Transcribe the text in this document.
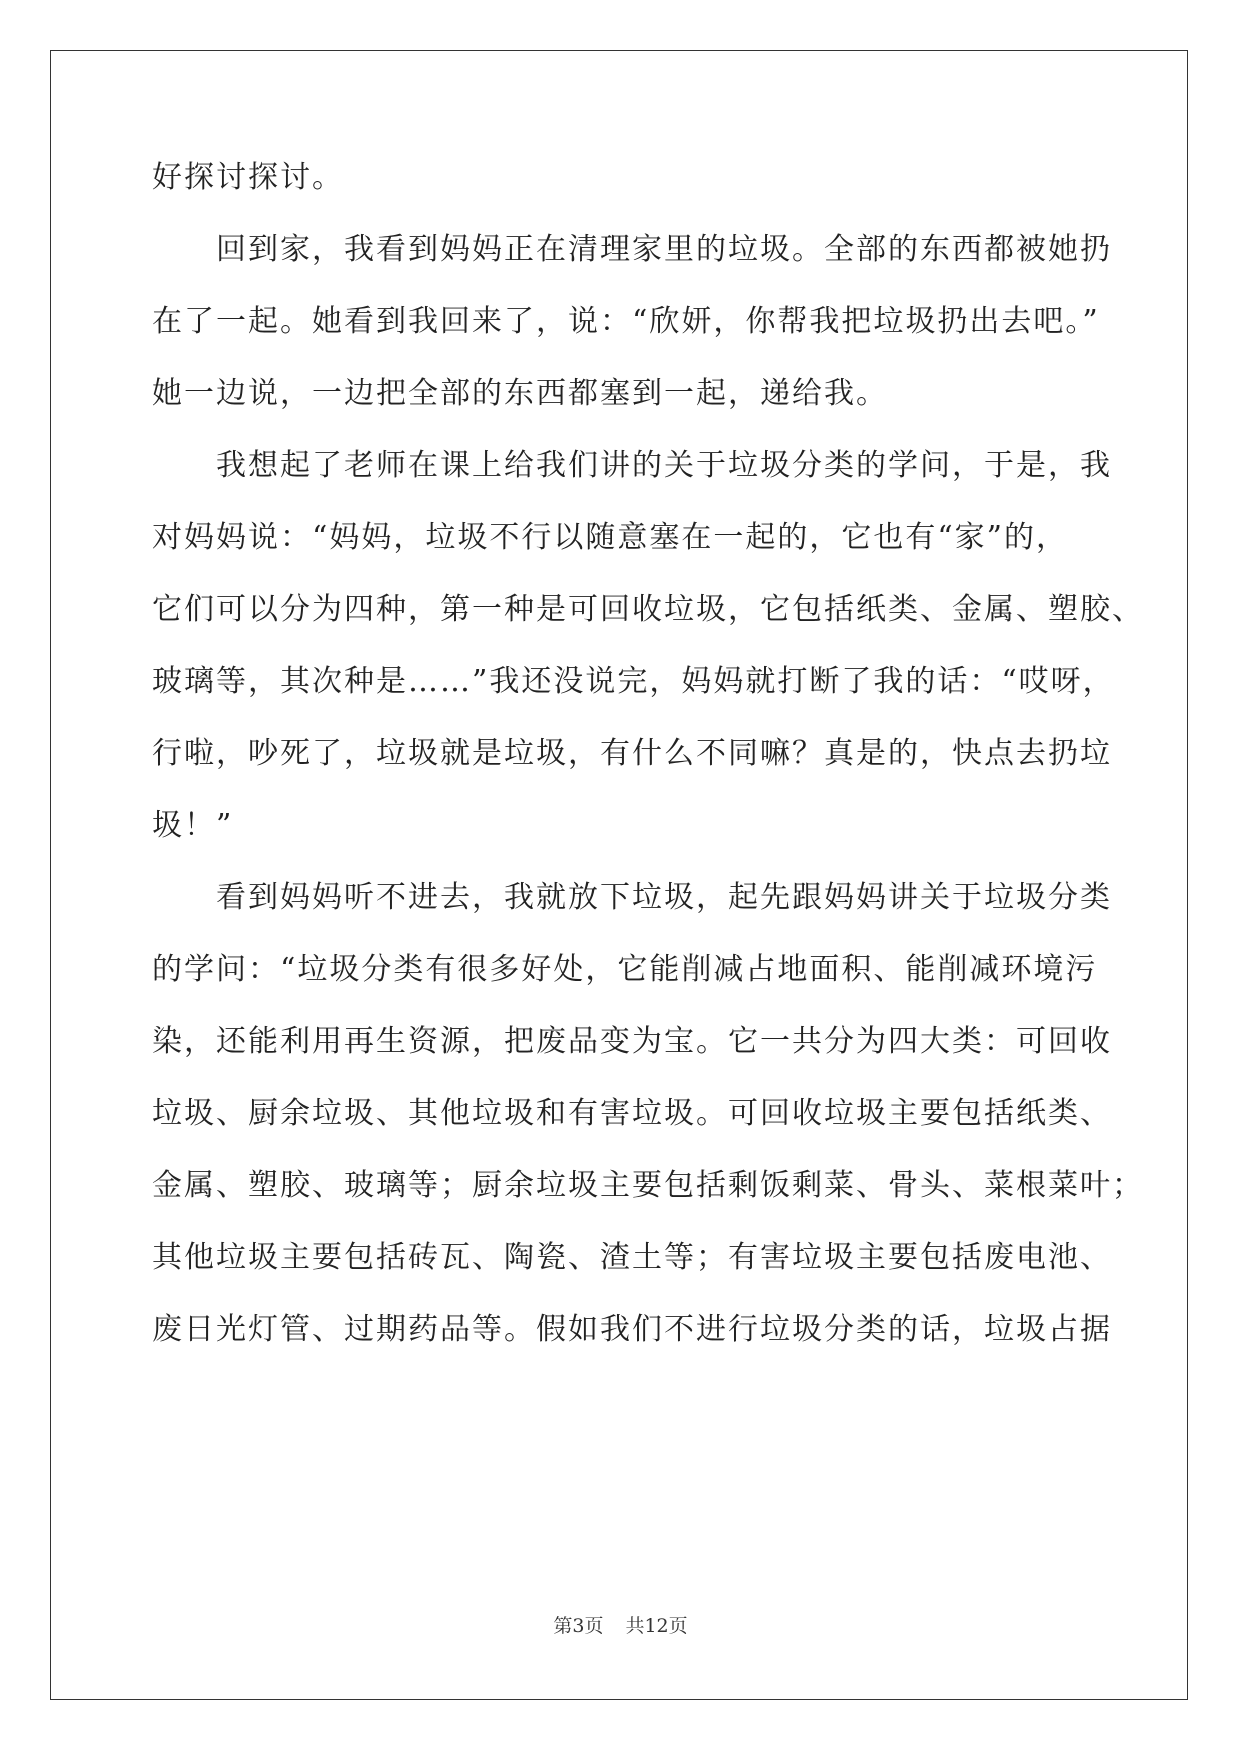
好探讨探讨。
回到家，我看到妈妈正在清理家里的垃圾。全部的东西都被她扔
在了一起。她看到我回来了，说：“欣妍，你帮我把垃圾扔出去吧。”
她一边说，一边把全部的东西都塞到一起，递给我。
我想起了老师在课上给我们讲的关于垃圾分类的学问，于是，我
对妈妈说：“妈妈，垃圾不行以随意塞在一起的，它也有“家”的，
它们可以分为四种，第一种是可回收垃圾，它包括纸类、金属、塑胶、
玻璃等，其次种是……”我还没说完，妈妈就打断了我的话：“哎呀，
行啦，吵死了，垃圾就是垃圾，有什么不同嘛？真是的，快点去扔垃
圾！”
看到妈妈听不进去，我就放下垃圾，起先跟妈妈讲关于垃圾分类
的学问：“垃圾分类有很多好处，它能削减占地面积、能削减环境污
染，还能利用再生资源，把废品变为宝。它一共分为四大类：可回收
垃圾、厨余垃圾、其他垃圾和有害垃圾。可回收垃圾主要包括纸类、
金属、塑胶、玻璃等；厨余垃圾主要包括剩饭剩菜、骨头、菜根菜叶；
其他垃圾主要包括砖瓦、陶瓷、渣土等；有害垃圾主要包括废电池、
废日光灯管、过期药品等。假如我们不进行垃圾分类的话，垃圾占据
第3页 共12页
